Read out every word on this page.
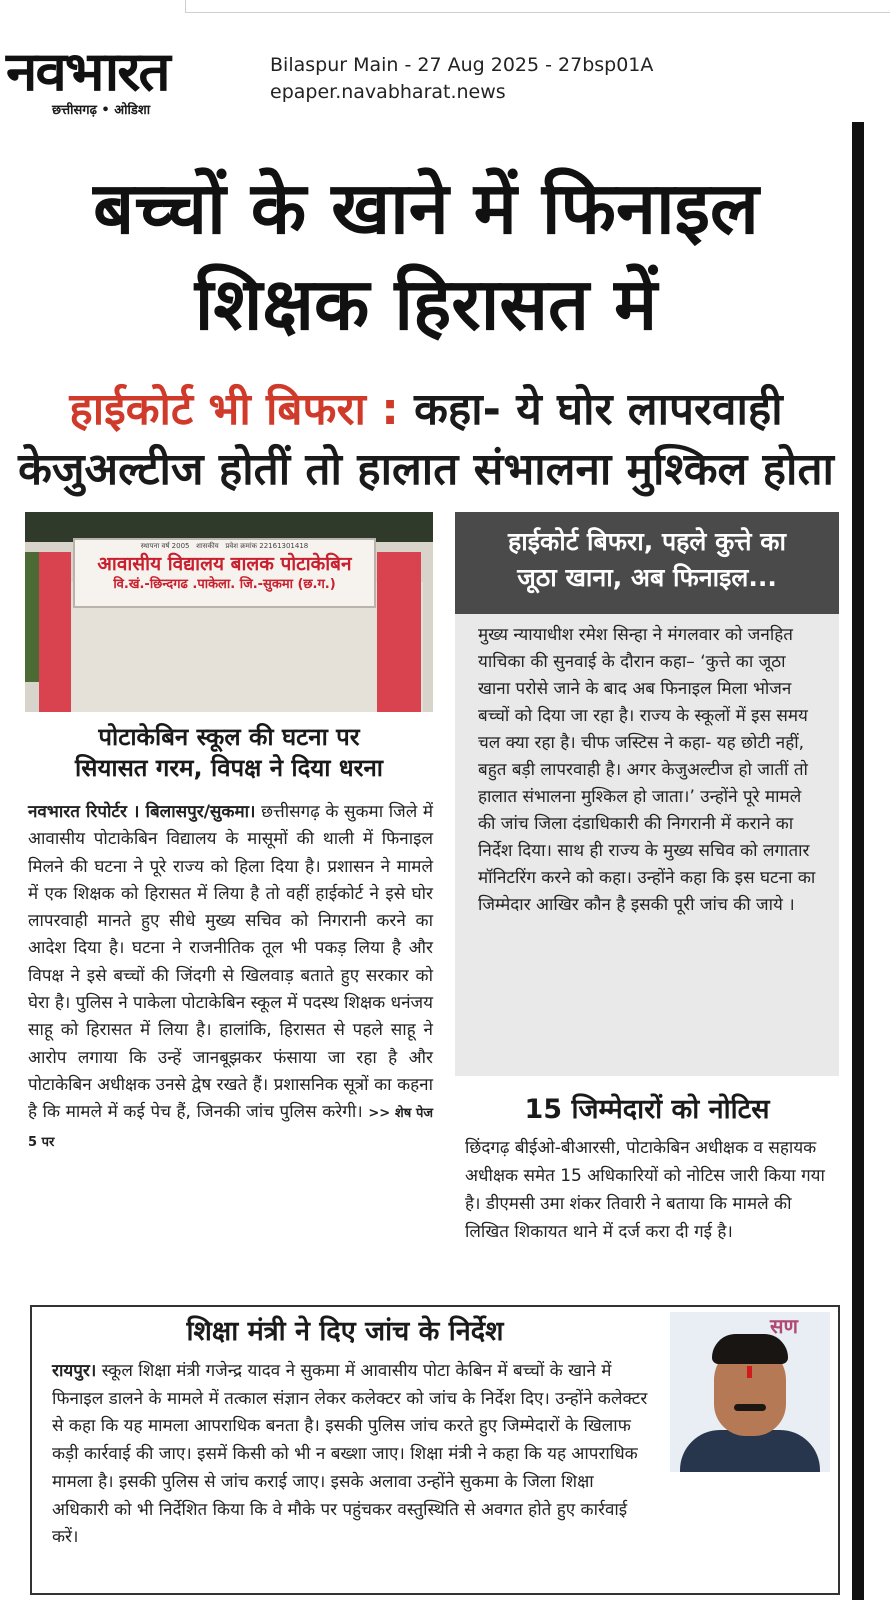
नवभारत
छत्तीसगढ़ • ओडिशा
Bilaspur Main - 27 Aug 2025 - 27bsp01A
epaper.navabharat.news
बच्चों के खाने में फिनाइल
शिक्षक हिरासत में
हाईकोर्ट भी बिफरा : कहा- ये घोर लापरवाही
केजुअल्टीज होतीं तो हालात संभालना मुश्किल होता
स्थापना वर्ष 2005 शासकीय प्रवेश क्रमांक 22161301418
आवासीय विद्यालय बालक पोटाकेबिन
वि.खं.-छिन्दगढ .पाकेला. जि.-सुकमा (छ.ग.)
हाईकोर्ट बिफरा, पहले कुत्ते का
जूठा खाना, अब फिनाइल...
मुख्य न्यायाधीश रमेश सिन्हा ने मंगलवार को जनहित याचिका की सुनवाई के दौरान कहा– ‘कुत्ते का जूठा खाना परोसे जाने के बाद अब फिनाइल मिला भोजन बच्चों को दिया जा रहा है। राज्य के स्कूलों में इस समय चल क्या रहा है। चीफ जस्टिस ने कहा- यह छोटी नहीं, बहुत बड़ी लापरवाही है। अगर केजुअल्टीज हो जातीं तो हालात संभालना मुश्किल हो जाता।’ उन्होंने पूरे मामले की जांच जिला दंडाधिकारी की निगरानी में कराने का निर्देश दिया। साथ ही राज्य के मुख्य सचिव को लगातार मॉनिटरिंग करने को कहा। उन्होंने कहा कि इस घटना का जिम्मेदार आखिर कौन है इसकी पूरी जांच की जाये ।
पोटाकेबिन स्कूल की घटना पर
सियासत गरम, विपक्ष ने दिया धरना
नवभारत रिपोर्टर । बिलासपुर/सुकमा। छत्तीसगढ़ के सुकमा जिले में आवासीय पोटाकेबिन विद्यालय के मासूमों की थाली में फिनाइल मिलने की घटना ने पूरे राज्य को हिला दिया है। प्रशासन ने मामले में एक शिक्षक को हिरासत में लिया है तो वहीं हाईकोर्ट ने इसे घोर लापरवाही मानते हुए सीधे मुख्य सचिव को निगरानी करने का आदेश दिया है। घटना ने राजनीतिक तूल भी पकड़ लिया है और विपक्ष ने इसे बच्चों की जिंदगी से खिलवाड़ बताते हुए सरकार को घेरा है। पुलिस ने पाकेला पोटाकेबिन स्कूल में पदस्थ शिक्षक धनंजय साहू को हिरासत में लिया है। हालांकि, हिरासत से पहले साहू ने आरोप लगाया कि उन्हें जानबूझकर फंसाया जा रहा है और पोटाकेबिन अधीक्षक उनसे द्वेष रखते हैं। प्रशासनिक सूत्रों का कहना है कि मामले में कई पेच हैं, जिनकी जांच पुलिस करेगी। >> शेष पेज 5 पर
15 जिम्मेदारों को नोटिस
छिंदगढ़ बीईओ-बीआरसी, पोटाकेबिन अधीक्षक व सहायक अधीक्षक समेत 15 अधिकारियों को नोटिस जारी किया गया है। डीएमसी उमा शंकर तिवारी ने बताया कि मामले की लिखित शिकायत थाने में दर्ज करा दी गई है।
शिक्षा मंत्री ने दिए जांच के निर्देश
रायपुर। स्कूल शिक्षा मंत्री गजेन्द्र यादव ने सुकमा में आवासीय पोटा केबिन में बच्चों के खाने में फिनाइल डालने के मामले में तत्काल संज्ञान लेकर कलेक्टर को जांच के निर्देश दिए। उन्होंने कलेक्टर से कहा कि यह मामला आपराधिक बनता है। इसकी पुलिस जांच करते हुए जिम्मेदारों के खिलाफ कड़ी कार्रवाई की जाए। इसमें किसी को भी न बख्शा जाए। शिक्षा मंत्री ने कहा कि यह आपराधिक मामला है। इसकी पुलिस से जांच कराई जाए। इसके अलावा उन्होंने सुकमा के जिला शिक्षा अधिकारी को भी निर्देशित किया कि वे मौके पर पहुंचकर वस्तुस्थिति से अवगत होते हुए कार्रवाई करें।
सण
